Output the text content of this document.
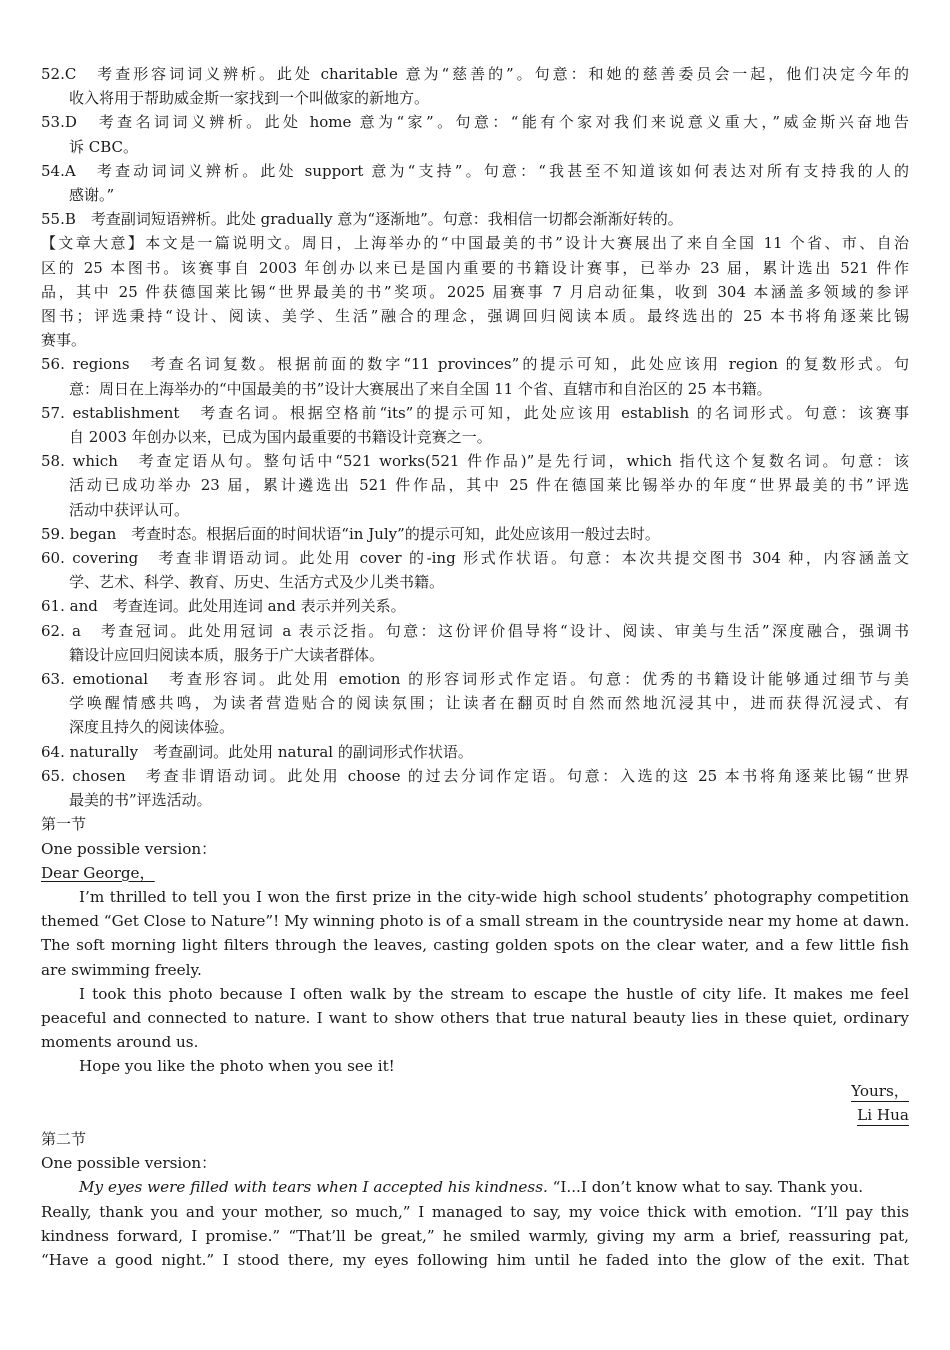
52.C　考查形容词词义辨析。此处 charitable 意为“慈善的”。句意：和她的慈善委员会一起，他们决定今年的
收入将用于帮助威金斯一家找到一个叫做家的新地方。
53.D　考查名词词义辨析。此处 home 意为“家”。句意：“能有个家对我们来说意义重大，”威金斯兴奋地告
诉 CBC。
54.A　考查动词词义辨析。此处 support 意为“支持”。句意：“我甚至不知道该如何表达对所有支持我的人的
感谢。”
55.B　考查副词短语辨析。此处 gradually 意为“逐渐地”。句意：我相信一切都会渐渐好转的。
【文章大意】本文是一篇说明文。周日，上海举办的“中国最美的书”设计大赛展出了来自全国 11 个省、市、自治
区的 25 本图书。该赛事自 2003 年创办以来已是国内重要的书籍设计赛事，已举办 23 届，累计选出 521 件作
品，其中 25 件获德国莱比锡“世界最美的书”奖项。2025 届赛事 7 月启动征集，收到 304 本涵盖多领域的参评
图书；评选秉持“设计、阅读、美学、生活”融合的理念，强调回归阅读本质。最终选出的 25 本书将角逐莱比锡
赛事。
56. regions　考查名词复数。根据前面的数字“11 provinces”的提示可知，此处应该用 region 的复数形式。句
意：周日在上海举办的“中国最美的书”设计大赛展出了来自全国 11 个省、直辖市和自治区的 25 本书籍。
57. establishment　考查名词。根据空格前“its”的提示可知，此处应该用 establish 的名词形式。句意：该赛事
自 2003 年创办以来，已成为国内最重要的书籍设计竞赛之一。
58. which　考查定语从句。整句话中“521 works(521 件作品)”是先行词，which 指代这个复数名词。句意：该
活动已成功举办 23 届，累计遴选出 521 件作品，其中 25 件在德国莱比锡举办的年度“世界最美的书”评选
活动中获评认可。
59. began　考查时态。根据后面的时间状语“in July”的提示可知，此处应该用一般过去时。
60. covering　考查非谓语动词。此处用 cover 的-ing 形式作状语。句意：本次共提交图书 304 种，内容涵盖文
学、艺术、科学、教育、历史、生活方式及少儿类书籍。
61. and　考查连词。此处用连词 and 表示并列关系。
62. a　考查冠词。此处用冠词 a 表示泛指。句意：这份评价倡导将“设计、阅读、审美与生活”深度融合，强调书
籍设计应回归阅读本质，服务于广大读者群体。
63. emotional　考查形容词。此处用 emotion 的形容词形式作定语。句意：优秀的书籍设计能够通过细节与美
学唤醒情感共鸣，为读者营造贴合的阅读氛围；让读者在翻页时自然而然地沉浸其中，进而获得沉浸式、有
深度且持久的阅读体验。
64. naturally　考查副词。此处用 natural 的副词形式作状语。
65. chosen　考查非谓语动词。此处用 choose 的过去分词作定语。句意：入选的这 25 本书将角逐莱比锡“世界
最美的书”评选活动。
第一节
One possible version：
Dear George，
I’m thrilled to tell you I won the first prize in the city-wide high school students’ photography competition
themed “Get Close to Nature”! My winning photo is of a small stream in the countryside near my home at dawn.
The soft morning light filters through the leaves, casting golden spots on the clear water, and a few little fish
are swimming freely.
I took this photo because I often walk by the stream to escape the hustle of city life. It makes me feel
peaceful and connected to nature. I want to show others that true natural beauty lies in these quiet, ordinary
moments around us.
Hope you like the photo when you see it!
Yours，
Li Hua
第二节
One possible version：
My eyes were filled with tears when I accepted his kindness. “I...I don’t know what to say. Thank you.
Really, thank you and your mother, so much,” I managed to say, my voice thick with emotion. “I’ll pay this
kindness forward, I promise.” “That’ll be great,” he smiled warmly, giving my arm a brief, reassuring pat,
“Have a good night.” I stood there, my eyes following him until he faded into the glow of the exit. That
